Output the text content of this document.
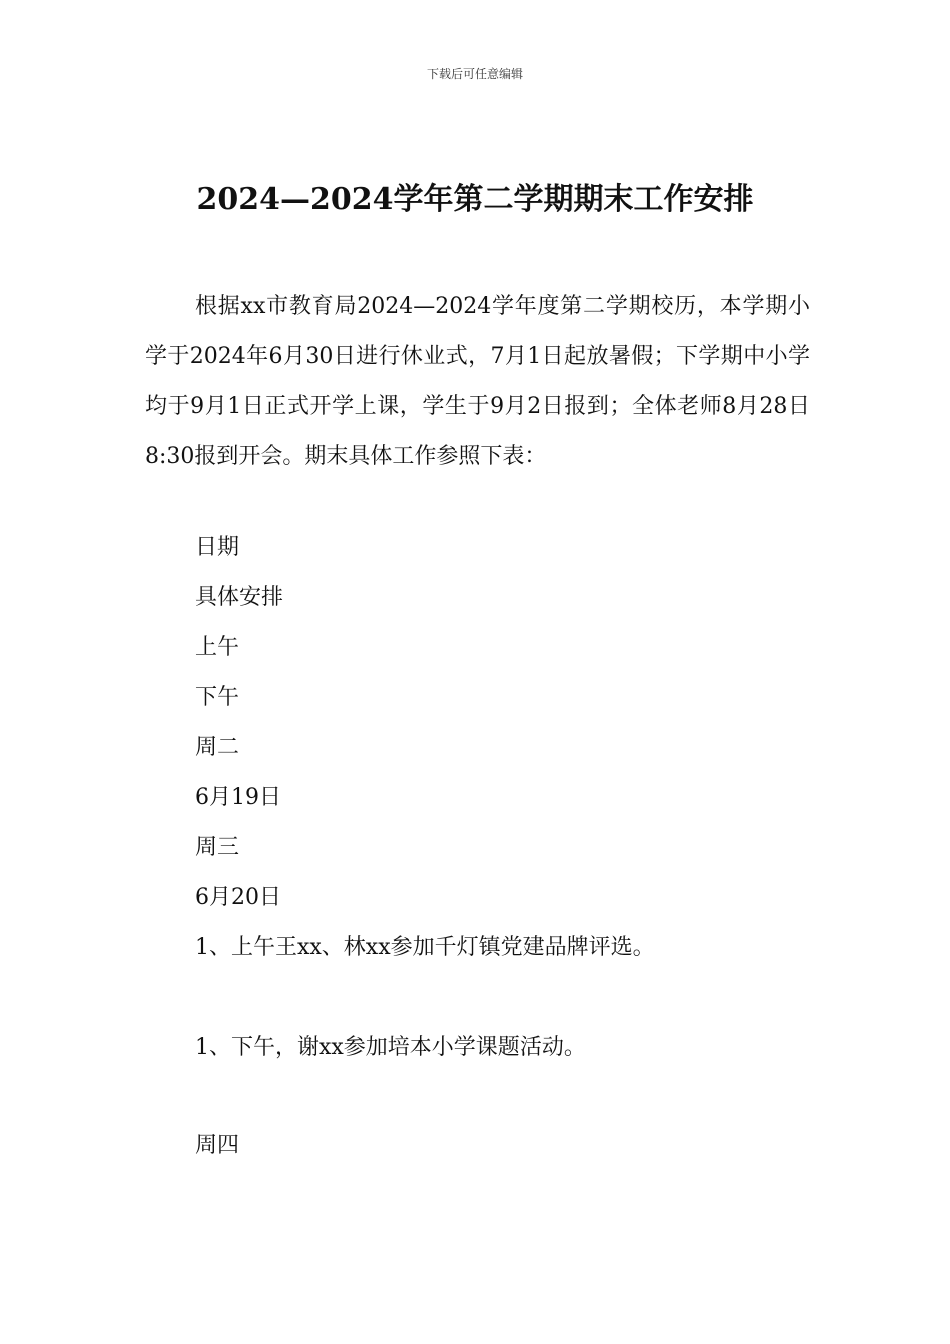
下载后可任意编辑
2024—2024学年第二学期期末工作安排

根据xx市教育局2024—2024学年度第二学期校历，本学期小学于2024年6月30日进行休业式，7月1日起放暑假；下学期中小学均于9月1日正式开学上课，学生于9月2日报到；全体老师8月28日8:30报到开会。期末具体工作参照下表：

日期
具体安排
上午
下午
周二
6月19日
周三
6月20日
1、上午王xx、林xx参加千灯镇党建品牌评选。
1、下午，谢xx参加培本小学课题活动。
周四
